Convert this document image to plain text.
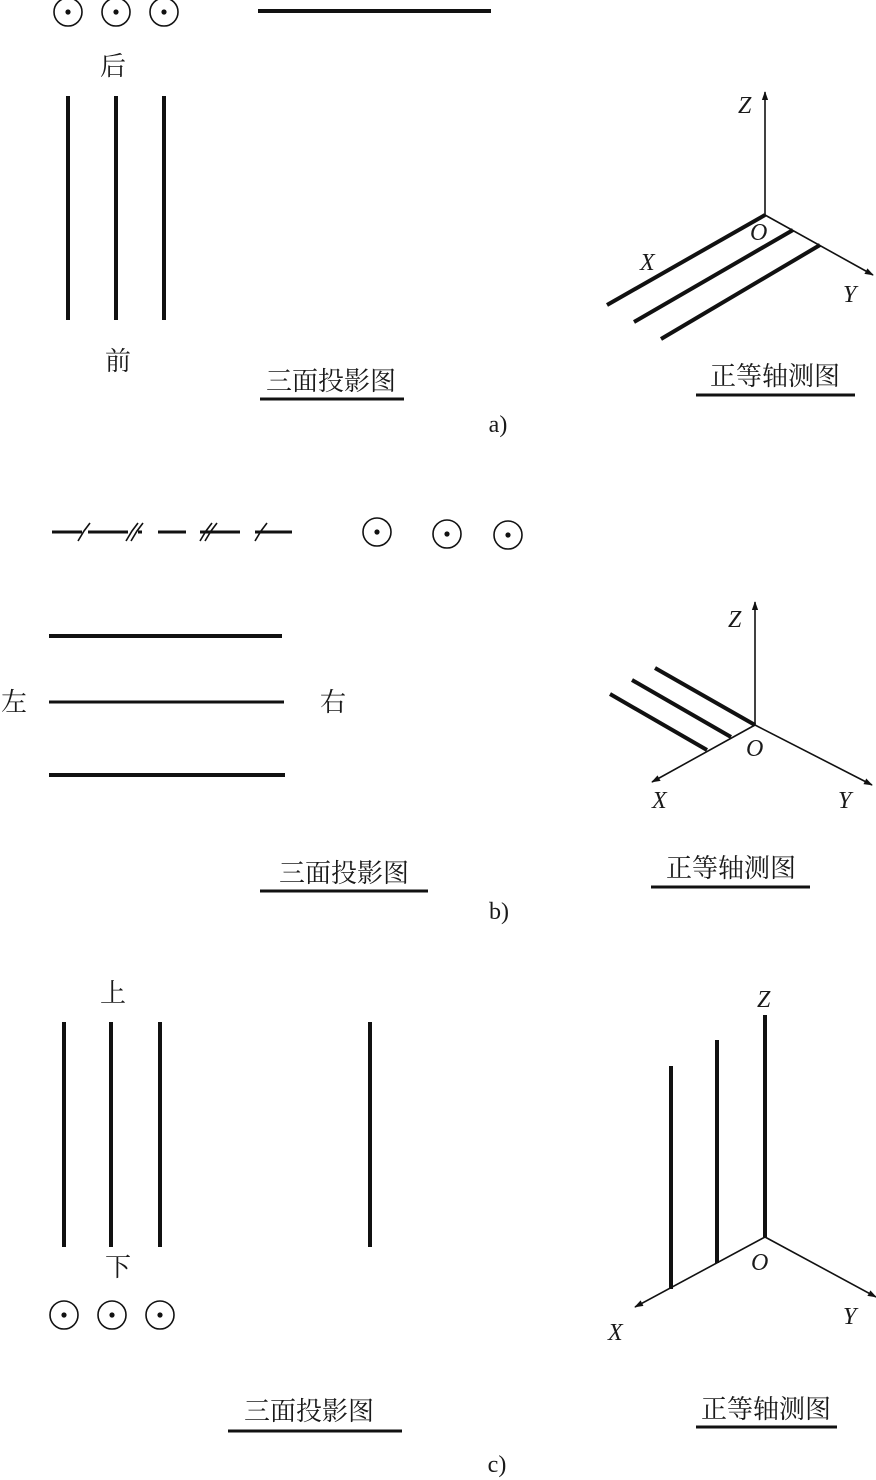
后
前
Z
X
Y
O
三面投影图	正等轴测图
a)
左	右
Z
X	Y
O
三面投影图	正等轴测图
b)
上
下
Z
X
Y
O
三面投影图	正等轴测图
c)
